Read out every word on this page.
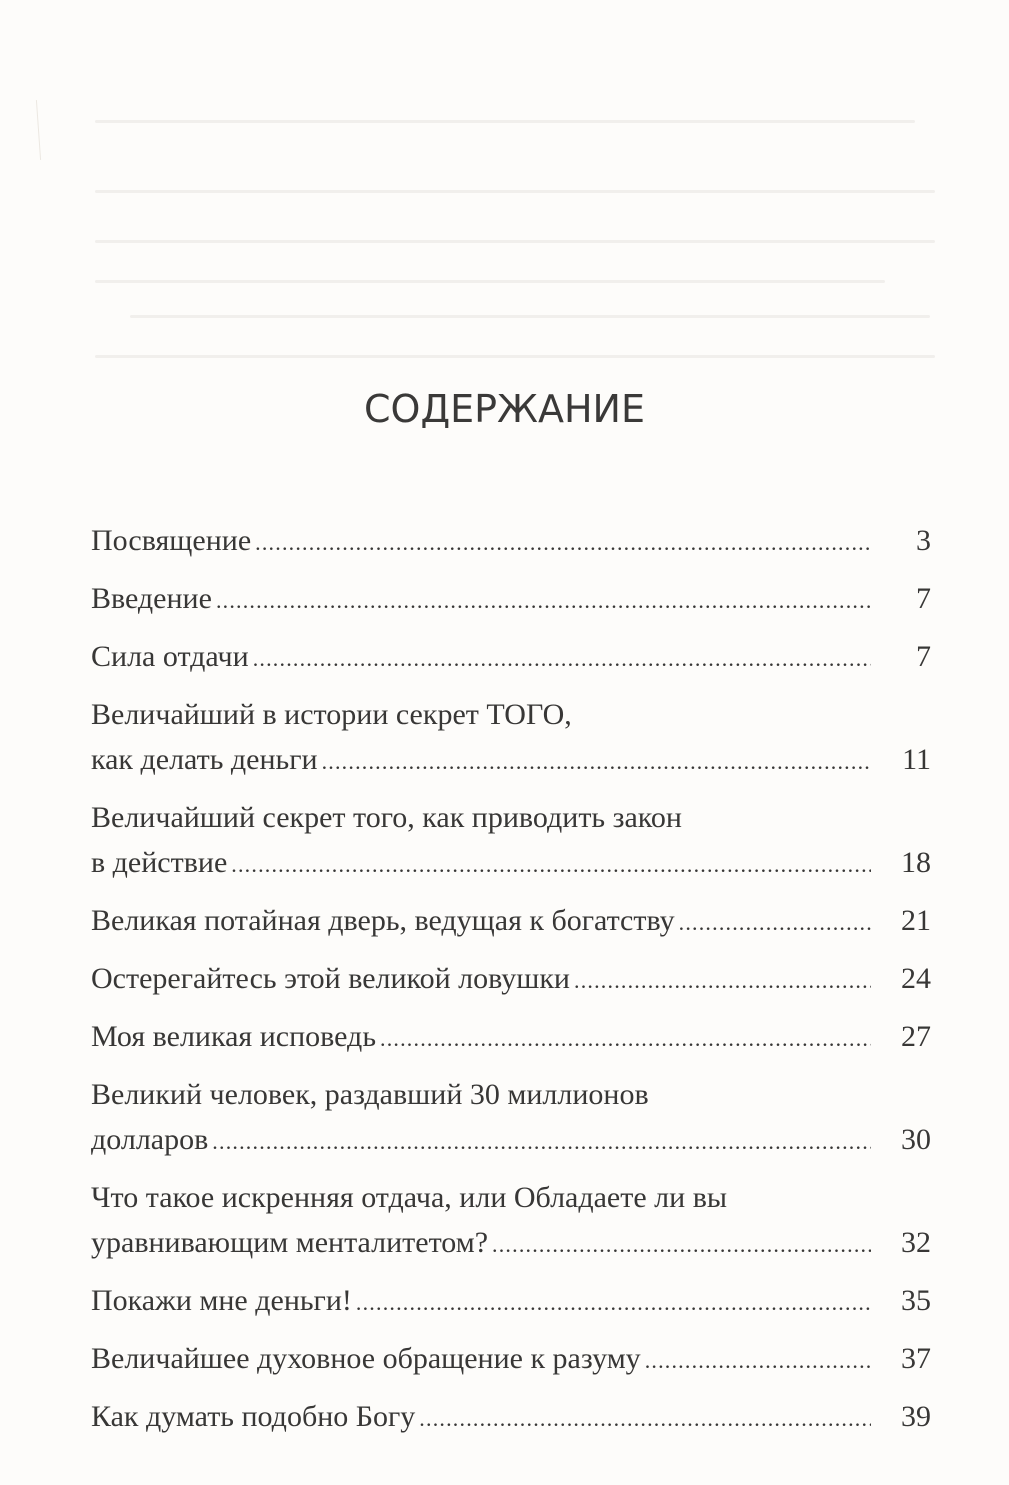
СОДЕРЖАНИЕ
Посвящение .....	3
Введение .....	7
Сила отдачи .....	7
Величайший в истории секрет ТОГО,
как делать деньги .....	11
Величайший секрет того, как приводить закон
в действие .....	18
Великая потайная дверь, ведущая к богатству .....	21
Остерегайтесь этой великой ловушки .....	24
Моя великая исповедь .....	27
Великий человек, раздавший 30 миллионов
долларов .....	30
Что такое искренняя отдача, или Обладаете ли вы
уравнивающим менталитетом? .....	32
Покажи мне деньги! .....	35
Величайшее духовное обращение к разуму .....	37
Как думать подобно Богу .....	39
